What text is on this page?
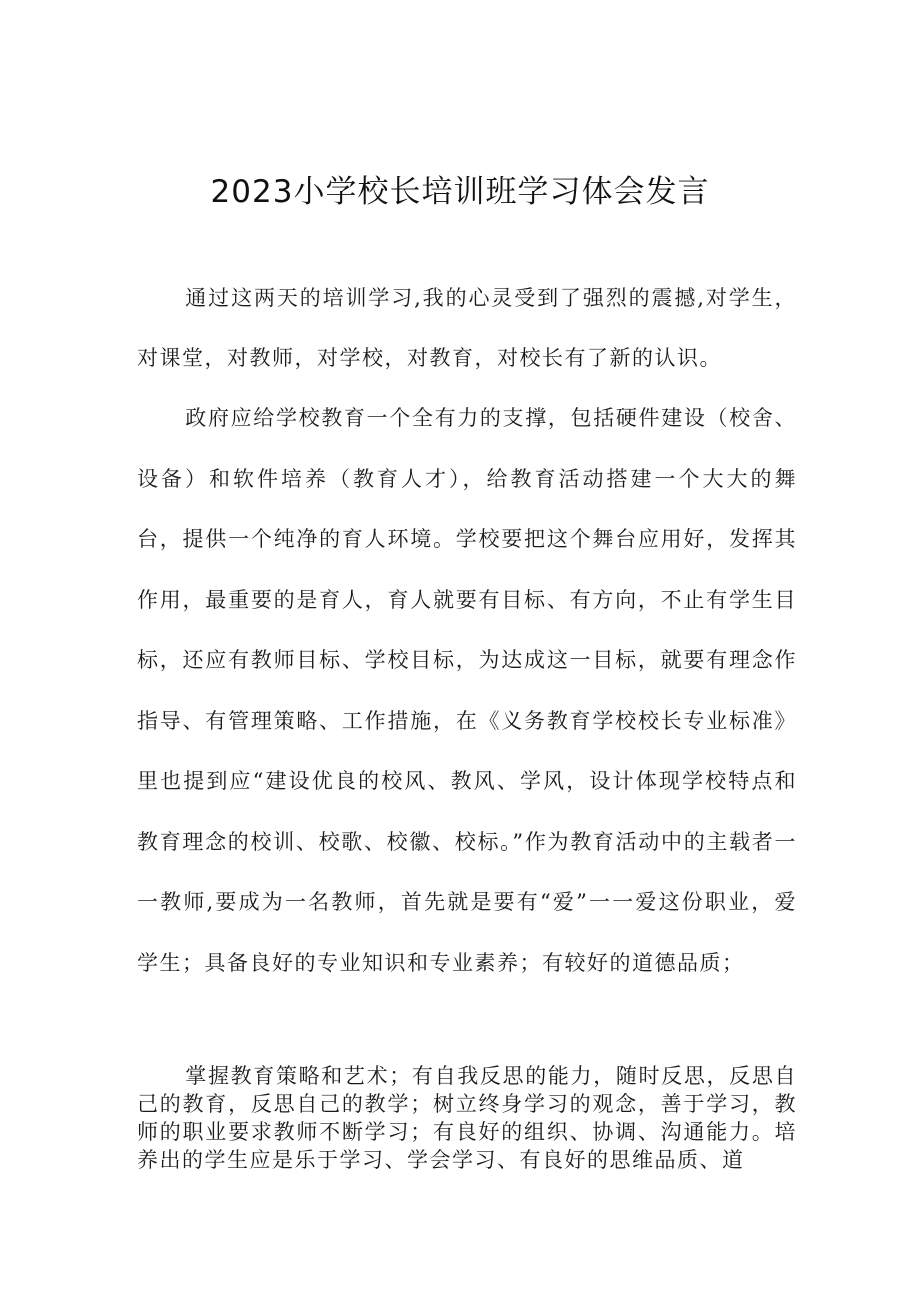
2023小学校长培训班学习体会发言

通过这两天的培训学习,我的心灵受到了强烈的震撼,对学生，对课堂，对教师，对学校，对教育，对校长有了新的认识。

政府应给学校教育一个全有力的支撑，包括硬件建设（校舍、设备）和软件培养（教育人才），给教育活动搭建一个大大的舞台，提供一个纯净的育人环境。学校要把这个舞台应用好，发挥其作用，最重要的是育人，育人就要有目标、有方向，不止有学生目标，还应有教师目标、学校目标，为达成这一目标，就要有理念作指导、有管理策略、工作措施，在《义务教育学校校长专业标准》里也提到应“建设优良的校风、教风、学风，设计体现学校特点和教育理念的校训、校歌、校徽、校标。”作为教育活动中的主载者一一教师,要成为一名教师，首先就是要有“爱”一一爱这份职业，爱学生；具备良好的专业知识和专业素养；有较好的道德品质；

掌握教育策略和艺术；有自我反思的能力，随时反思，反思自己的教育，反思自己的教学；树立终身学习的观念，善于学习，教师的职业要求教师不断学习；有良好的组织、协调、沟通能力。培养出的学生应是乐于学习、学会学习、有良好的思维品质、道
